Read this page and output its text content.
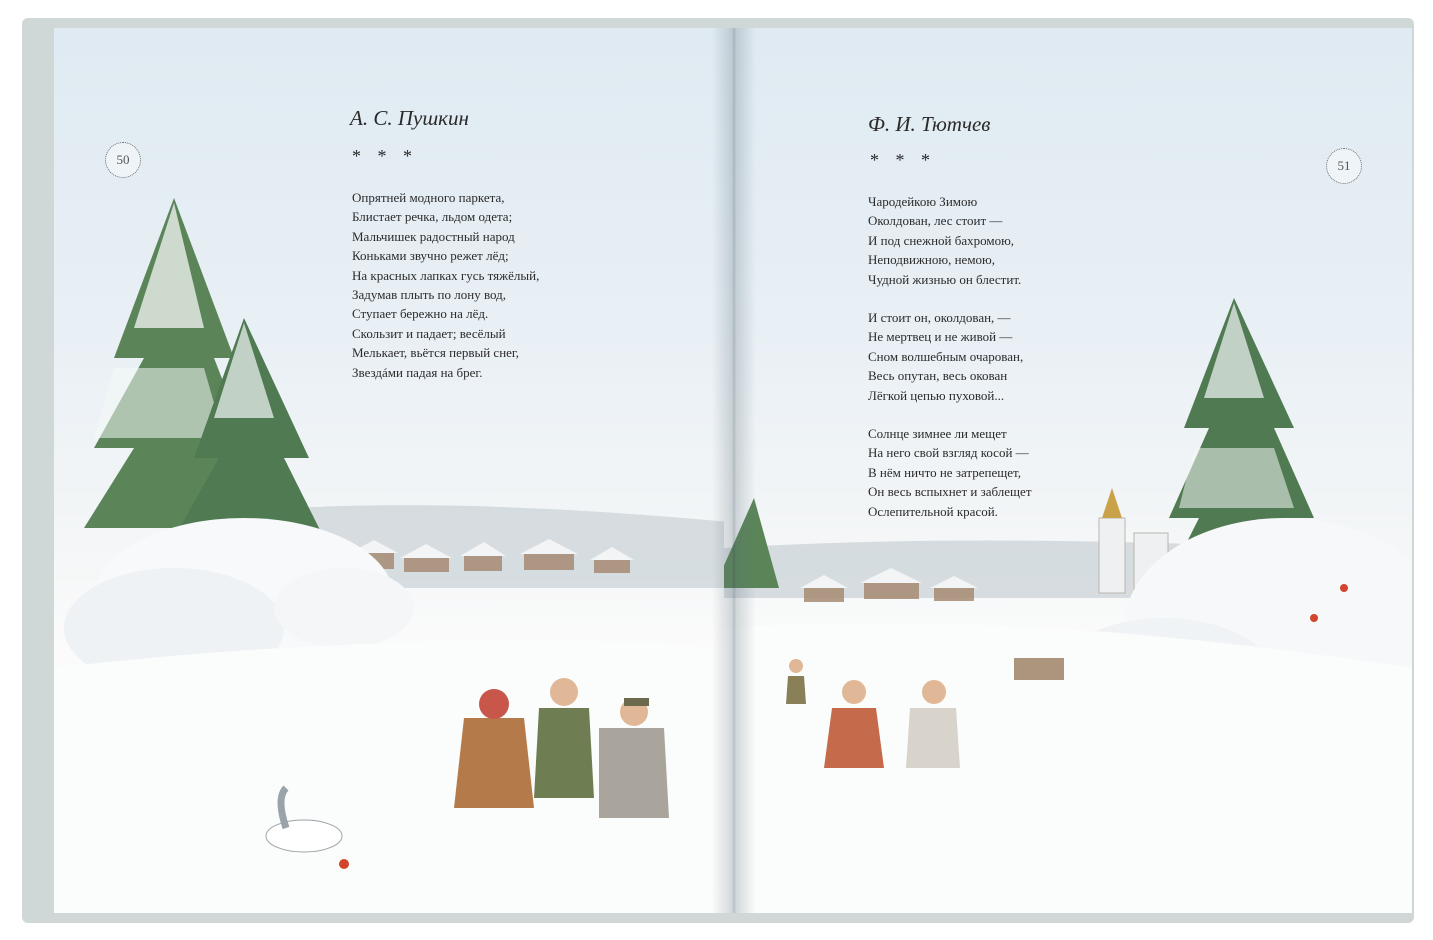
50
А. С. Пушкин
* * *
Опрятней модного паркета,
Блистает речка, льдом одета;
Мальчишек радостный народ
Коньками звучно режет лёд;
На красных лапках гусь тяжёлый,
Задумав плыть по лону вод,
Ступает бережно на лёд.
Скользит и падает; весёлый
Мелькает, вьётся первый снег,
Звездáми падая на брег.
51
Ф. И. Тютчев
* * *
Чародейкою Зимою
Околдован, лес стоит —
И под снежной бахромою,
Неподвижною, немою,
Чудной жизнью он блестит.
И стоит он, околдован, —
Не мертвец и не живой —
Сном волшебным очарован,
Весь опутан, весь окован
Лёгкой цепью пуховой...
Солнце зимнее ли мещет
На него свой взгляд косой —
В нём ничто не затрепещет,
Он весь вспыхнет и заблещет
Ослепительной красой.
